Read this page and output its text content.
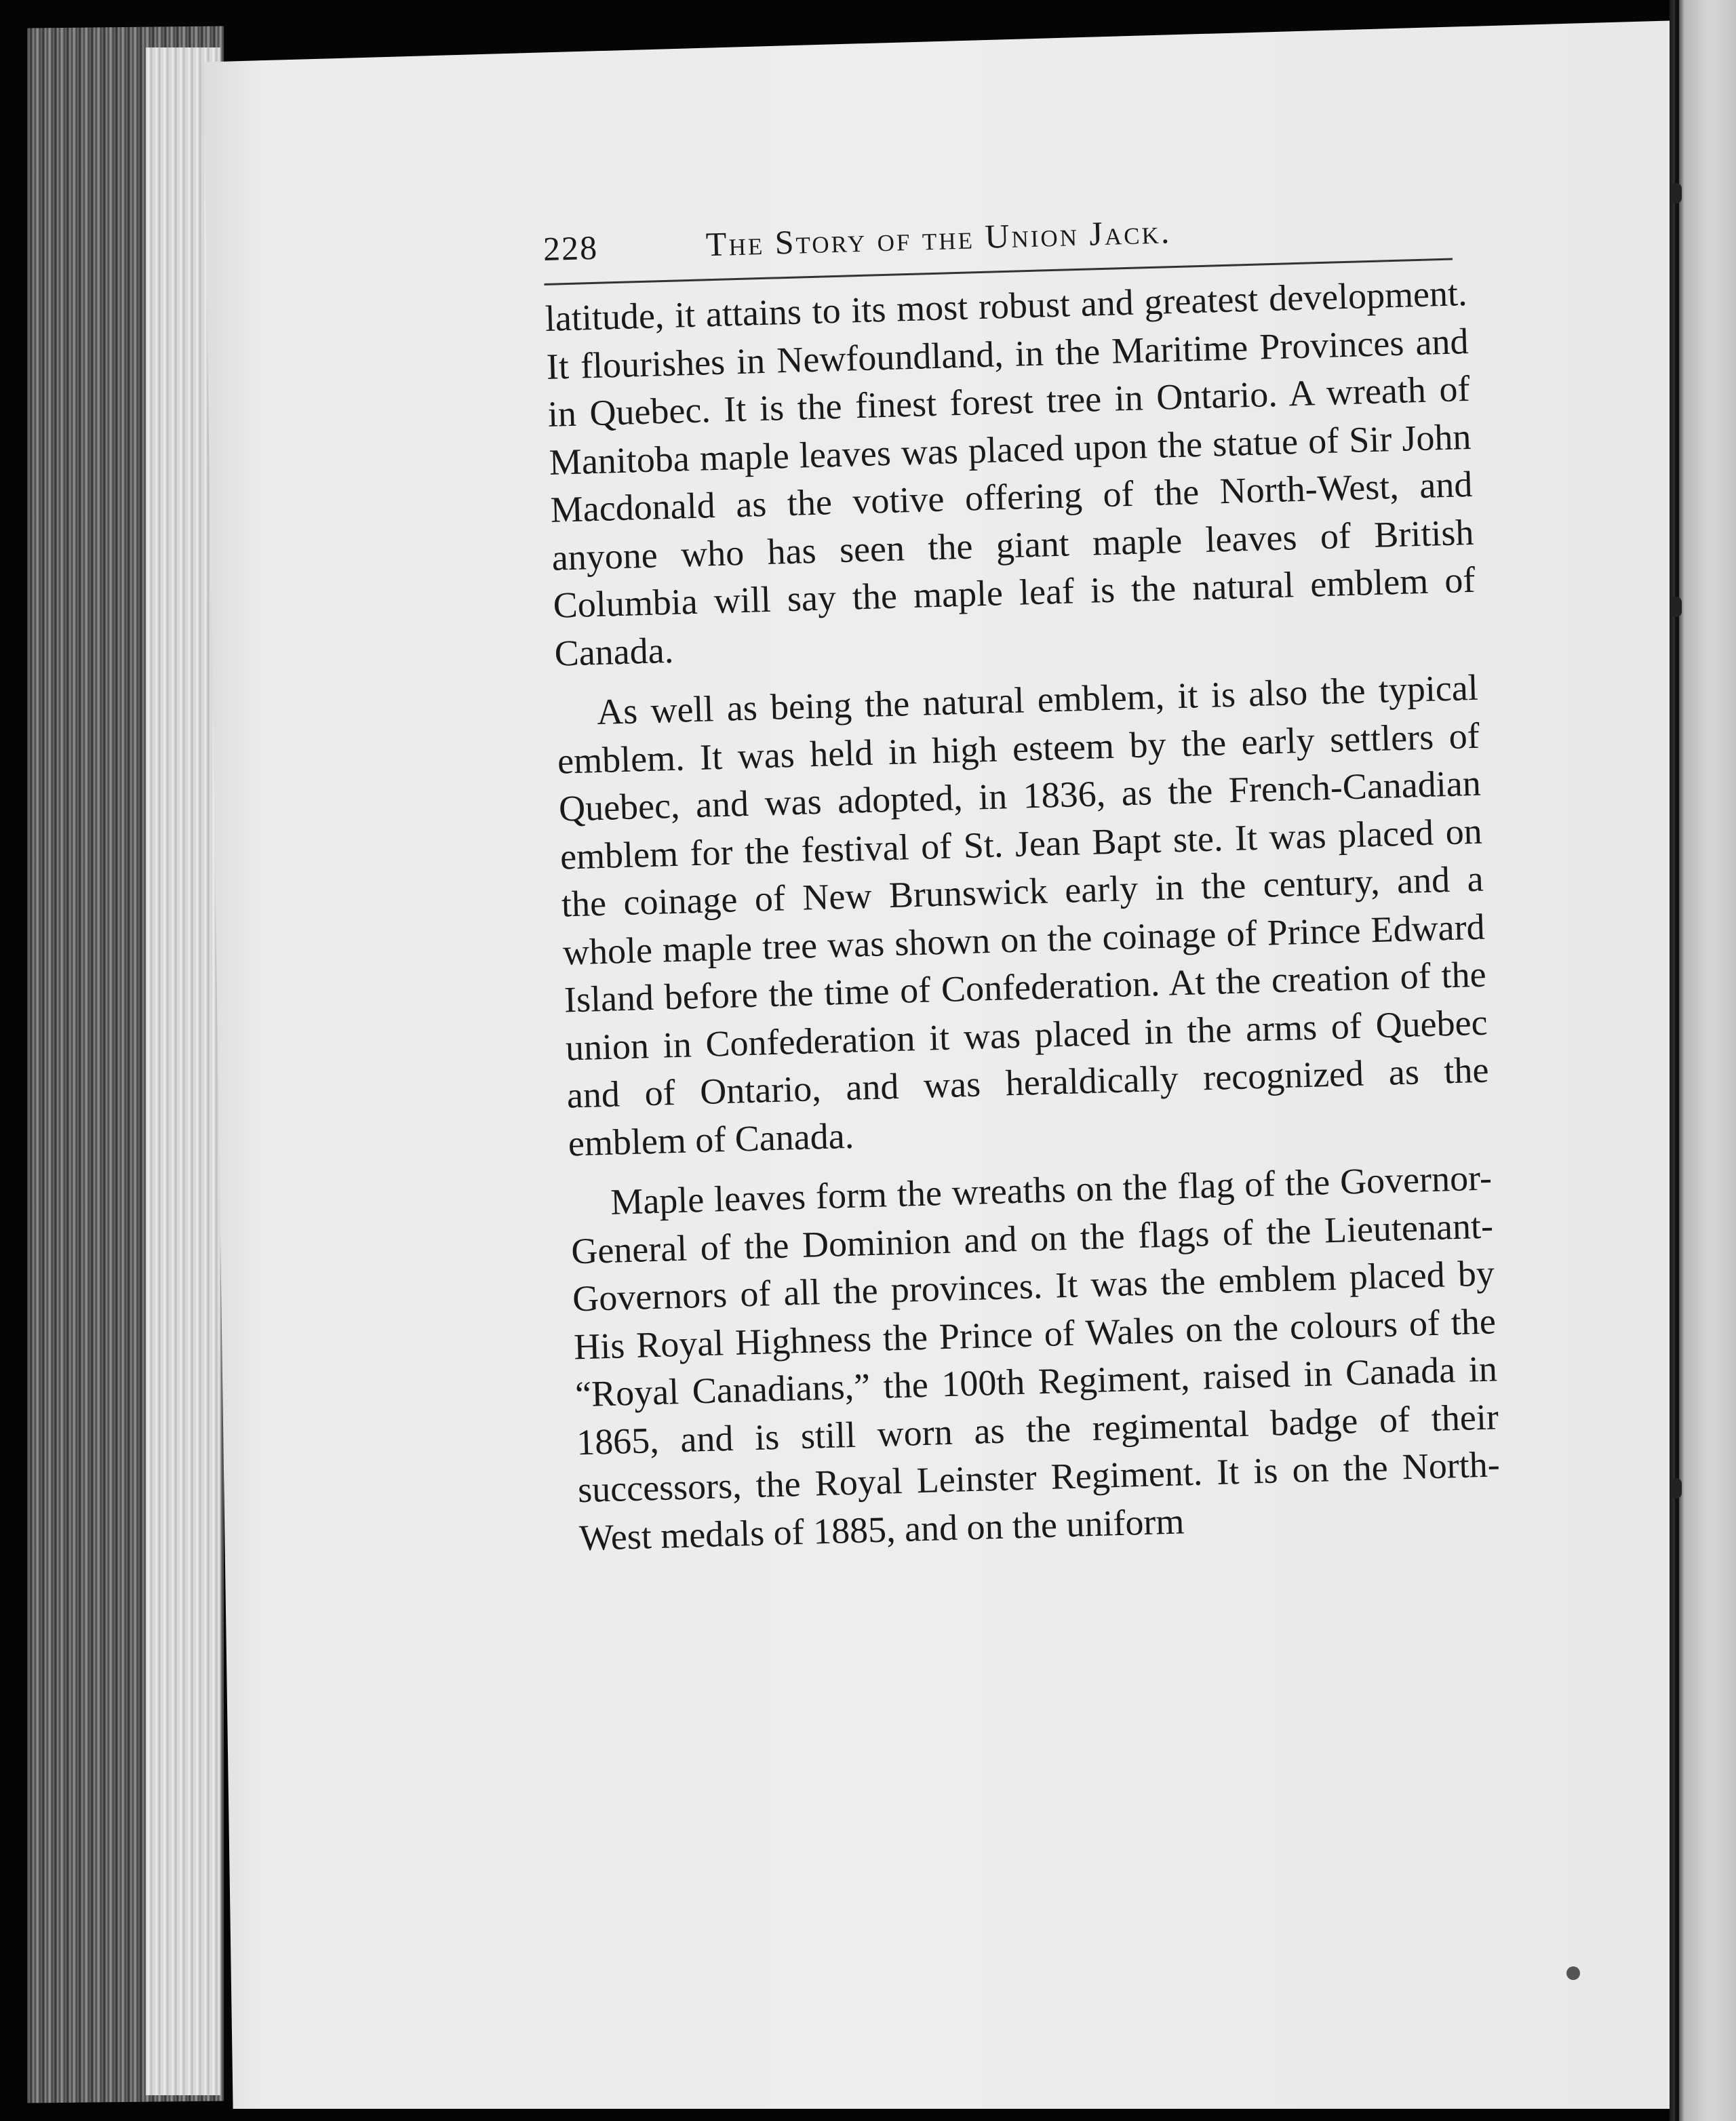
228	The Story of the Union Jack.

latitude, it attains to its most robust and greatest development. It flourishes in Newfoundland, in the Maritime Provinces and in Quebec. It is the finest forest tree in Ontario. A wreath of Manitoba maple leaves was placed upon the statue of Sir John Macdonald as the votive offering of the North-West, and anyone who has seen the giant maple leaves of British Columbia will say the maple leaf is the natural emblem of Canada.

As well as being the natural emblem, it is also the typical emblem. It was held in high esteem by the early settlers of Quebec, and was adopted, in 1836, as the French-Canadian emblem for the festival of St. Jean Bapt ste. It was placed on the coinage of New Brunswick early in the century, and a whole maple tree was shown on the coinage of Prince Edward Island before the time of Confederation. At the creation of the union in Confederation it was placed in the arms of Quebec and of Ontario, and was heraldically recognized as the emblem of Canada.

Maple leaves form the wreaths on the flag of the Governor-General of the Dominion and on the flags of the Lieutenant-Governors of all the provinces. It was the emblem placed by His Royal Highness the Prince of Wales on the colours of the “Royal Canadians,” the 100th Regiment, raised in Canada in 1865, and is still worn as the regimental badge of their successors, the Royal Leinster Regiment. It is on the North-West medals of 1885, and on the uniform
